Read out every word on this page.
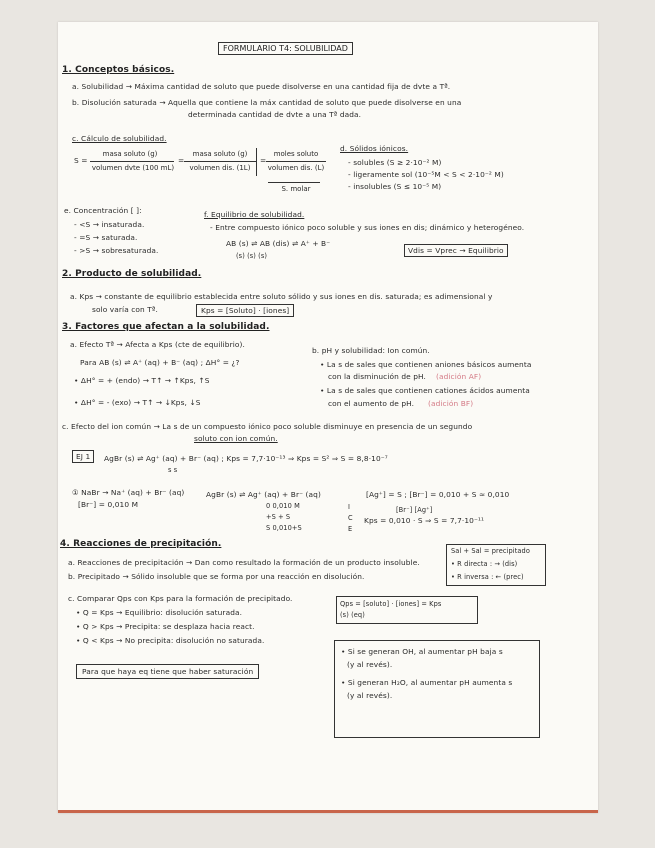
FORMULARIO T4: SOLUBILIDAD
1. Conceptos básicos.
a. Solubilidad → Máxima cantidad de soluto que puede disolverse en una cantidad fija de dvte a Tª.
b. Disolución saturada → Aquella que contiene la máx cantidad de soluto que puede disolverse en una
determinada cantidad de dvte a una Tª dada.
c. Cálculo de solubilidad.
S =
masa soluto (g)
volumen dvte (100 mL)
=
masa soluto (g)
volumen dis. (1L)
=
moles soluto
volumen dis. (L)
S. molar
d. Sólidos iónicos.
- solubles (S ≥ 2·10⁻² M)
- ligeramente sol (10⁻⁵M < S < 2·10⁻² M)
- insolubles (S ≤ 10⁻⁵ M)
e. Concentración [ ]:
- <S → insaturada.
- =S → saturada.
- >S → sobresaturada.
f. Equilibrio de solubilidad.
- Entre compuesto iónico poco soluble y sus iones en dis; dinámico y heterogéneo.
AB (s) ⇌ AB (dis) ⇌ A⁺ + B⁻
(s) (s) (s)
Vdis = Vprec → Equilibrio
2. Producto de solubilidad.
a. Kps → constante de equilibrio establecida entre soluto sólido y sus iones en dis. saturada; es adimensional y
solo varía con Tª.	Kps = [Soluto] · [iones]
3. Factores que afectan a la solubilidad.
a. Efecto Tª → Afecta a Kps (cte de equilibrio).
Para AB (s) ⇌ A⁺ (aq) + B⁻ (aq) ; ΔH° = ¿?
• ΔH° = + (endo) → T↑ → ↑Kps, ↑S
• ΔH° = - (exo) → T↑ → ↓Kps, ↓S
b. pH y solubilidad: Ion común.
• La s de sales que contienen aniones básicos aumenta
con la disminución de pH. (adición AF)
• La s de sales que contienen cationes ácidos aumenta
con el aumento de pH. (adición BF)
c. Efecto del ion común → La s de un compuesto iónico poco soluble disminuye en presencia de un segundo
soluto con ion común.
EJ 1	AgBr (s) ⇌ Ag⁺ (aq) + Br⁻ (aq) ; Kps = 7,7·10⁻¹³ ⇒ Kps = S² ⇒ S = 8,8·10⁻⁷
s s
① NaBr → Na⁺ (aq) + Br⁻ (aq)
[Br⁻] = 0,010 M
AgBr (s) ⇌ Ag⁺ (aq) + Br⁻ (aq)
0 0,010 M
+S + S
S 0,010+S
I
C
E
[Ag⁺] = S ; [Br⁻] = 0,010 + S ≈ 0,010
[Br⁻] [Ag⁺]
Kps = 0,010 · S ⇒ S = 7,7·10⁻¹¹
4. Reacciones de precipitación.
a. Reacciones de precipitación → Dan como resultado la formación de un producto insoluble.
b. Precipitado → Sólido insoluble que se forma por una reacción en disolución.
Sal + Sal = precipitado
• R directa : → (dis)
• R inversa : ← (prec)
c. Comparar Qps con Kps para la formación de precipitado.
• Q = Kps → Equilibrio: disolución saturada.
• Q > Kps → Precipita: se desplaza hacia react.
• Q < Kps → No precipita: disolución no saturada.
Qps = [soluto] · [iones] = Kps
(s) (eq)
Para que haya eq tiene que haber saturación
• Si se generan OH, al aumentar pH baja s
(y al revés).
• Si generan H₂O, al aumentar pH aumenta s
(y al revés).
